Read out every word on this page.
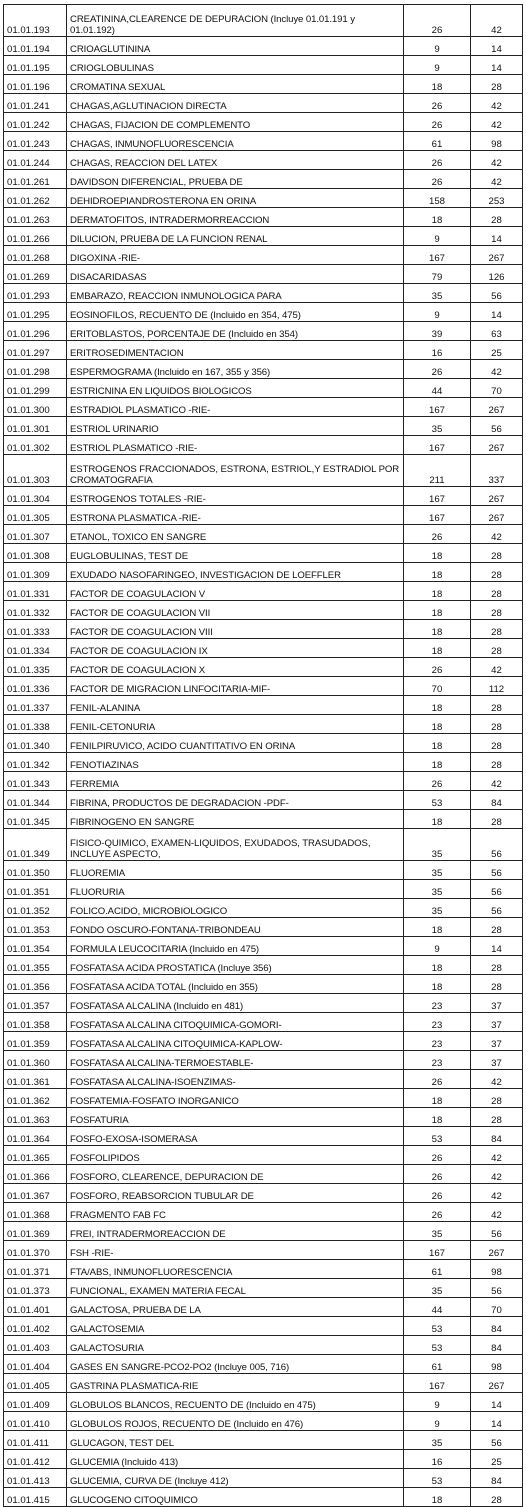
01.01.193	CREATININA,CLEARENCE DE DEPURACION (Incluye 01.01.191 y 01.01.192)	26	42
01.01.194	CRIOAGLUTININA	9	14
01.01.195	CRIOGLOBULINAS	9	14
01.01.196	CROMATINA SEXUAL	18	28
01.01.241	CHAGAS,AGLUTINACION DIRECTA	26	42
01.01.242	CHAGAS, FIJACION DE COMPLEMENTO	26	42
01.01.243	CHAGAS, INMUNOFLUORESCENCIA	61	98
01.01.244	CHAGAS, REACCION DEL LATEX	26	42
01.01.261	DAVIDSON DIFERENCIAL, PRUEBA DE	26	42
01.01.262	DEHIDROEPIANDROSTERONA EN ORINA	158	253
01.01.263	DERMATOFITOS, INTRADERMORREACCION	18	28
01.01.266	DILUCION, PRUEBA DE LA FUNCION RENAL	9	14
01.01.268	DIGOXINA -RIE-	167	267
01.01.269	DISACARIDASAS	79	126
01.01.293	EMBARAZO, REACCION INMUNOLOGICA PARA	35	56
01.01.295	EOSINOFILOS, RECUENTO DE (Incluido en 354, 475)	9	14
01.01.296	ERITOBLASTOS, PORCENTAJE DE (Incluido en 354)	39	63
01.01.297	ERITROSEDIMENTACION	16	25
01.01.298	ESPERMOGRAMA (Incluido en 167, 355 y 356)	26	42
01.01.299	ESTRICNINA EN LIQUIDOS BIOLOGICOS	44	70
01.01.300	ESTRADIOL PLASMATICO -RIE-	167	267
01.01.301	ESTRIOL URINARIO	35	56
01.01.302	ESTRIOL PLASMATICO -RIE-	167	267
01.01.303	ESTROGENOS FRACCIONADOS, ESTRONA, ESTRIOL,Y ESTRADIOL POR CROMATOGRAFIA	211	337
01.01.304	ESTROGENOS TOTALES -RIE-	167	267
01.01.305	ESTRONA PLASMATICA -RIE-	167	267
01.01.307	ETANOL, TOXICO EN SANGRE	26	42
01.01.308	EUGLOBULINAS, TEST DE	18	28
01.01.309	EXUDADO NASOFARINGEO, INVESTIGACION DE LOEFFLER	18	28
01.01.331	FACTOR DE COAGULACION V	18	28
01.01.332	FACTOR DE COAGULACION VII	18	28
01.01.333	FACTOR DE COAGULACION VIII	18	28
01.01.334	FACTOR DE COAGULACION IX	18	28
01.01.335	FACTOR DE COAGULACION X	26	42
01.01.336	FACTOR DE MIGRACION LINFOCITARIA-MIF-	70	112
01.01.337	FENIL-ALANINA	18	28
01.01.338	FENIL-CETONURIA	18	28
01.01.340	FENILPIRUVICO, ACIDO CUANTITATIVO EN ORINA	18	28
01.01.342	FENOTIAZINAS	18	28
01.01.343	FERREMIA	26	42
01.01.344	FIBRINA, PRODUCTOS DE DEGRADACION -PDF-	53	84
01.01.345	FIBRINOGENO EN SANGRE	18	28
01.01.349	FISICO-QUIMICO, EXAMEN-LIQUIDOS, EXUDADOS, TRASUDADOS, INCLUYE ASPECTO,	35	56
01.01.350	FLUOREMIA	35	56
01.01.351	FLUORURIA	35	56
01.01.352	FOLICO.ACIDO, MICROBIOLOGICO	35	56
01.01.353	FONDO OSCURO-FONTANA-TRIBONDEAU	18	28
01.01.354	FORMULA LEUCOCITARIA (Incluido en 475)	9	14
01.01.355	FOSFATASA ACIDA PROSTATICA (Incluye 356)	18	28
01.01.356	FOSFATASA ACIDA TOTAL (Incluido en 355)	18	28
01.01.357	FOSFATASA ALCALINA (Incluido en 481)	23	37
01.01.358	FOSFATASA ALCALINA CITOQUIMICA-GOMORI-	23	37
01.01.359	FOSFATASA ALCALINA CITOQUIMICA-KAPLOW-	23	37
01.01.360	FOSFATASA ALCALINA-TERMOESTABLE-	23	37
01.01.361	FOSFATASA ALCALINA-ISOENZIMAS-	26	42
01.01.362	FOSFATEMIA-FOSFATO INORGANICO	18	28
01.01.363	FOSFATURIA	18	28
01.01.364	FOSFO-EXOSA-ISOMERASA	53	84
01.01.365	FOSFOLIPIDOS	26	42
01.01.366	FOSFORO, CLEARENCE, DEPURACION DE	26	42
01.01.367	FOSFORO, REABSORCION TUBULAR DE	26	42
01.01.368	FRAGMENTO FAB FC	26	42
01.01.369	FREI, INTRADERMOREACCION DE	35	56
01.01.370	FSH -RIE-	167	267
01.01.371	FTA/ABS, INMUNOFLUORESCENCIA	61	98
01.01.373	FUNCIONAL, EXAMEN MATERIA FECAL	35	56
01.01.401	GALACTOSA, PRUEBA DE LA	44	70
01.01.402	GALACTOSEMIA	53	84
01.01.403	GALACTOSURIA	53	84
01.01.404	GASES EN SANGRE-PCO2-PO2 (Incluye 005, 716)	61	98
01.01.405	GASTRINA PLASMATICA-RIE	167	267
01.01.409	GLOBULOS BLANCOS, RECUENTO DE (Incluido en 475)	9	14
01.01.410	GLOBULOS ROJOS, RECUENTO DE (Incluido en 476)	9	14
01.01.411	GLUCAGON, TEST DEL	35	56
01.01.412	GLUCEMIA (Incluido 413)	16	25
01.01.413	GLUCEMIA, CURVA DE (Incluye 412)	53	84
01.01.415	GLUCOGENO CITOQUIMICO	18	28
